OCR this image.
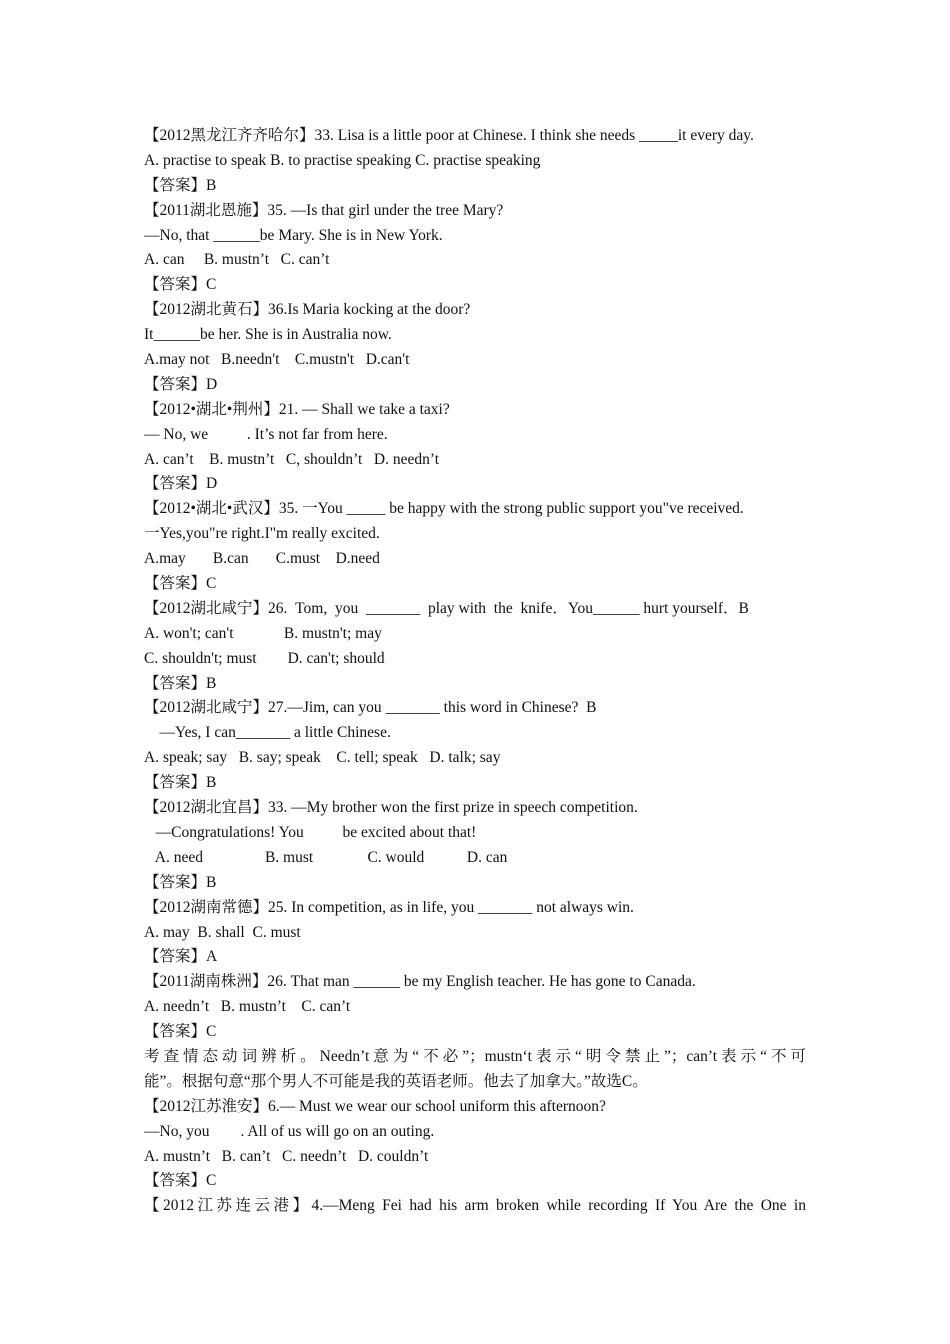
【2012黑龙江齐齐哈尔】33. Lisa is a little poor at Chinese. I think she needs _____it every day.
A. practise to speak B. to practise speaking C. practise speaking
【答案】B
【2011湖北恩施】35. —Is that girl under the tree Mary?
—No, that ______be Mary. She is in New York.
A. can     B. mustn’t   C. can’t
【答案】C
【2012湖北黄石】36.Is Maria kocking at the door?
It______be her. She is in Australia now.
A.may not   B.needn't    C.mustn't   D.can't
【答案】D
【2012•湖北•荆州】21. — Shall we take a taxi?
— No, we          . It’s not far from here.
A. can’t    B. mustn’t   C, shouldn’t   D. needn’t
【答案】D
【2012•湖北•武汉】35. 一You _____ be happy with the strong public support you"ve received.
一Yes,you"re right.I"m really excited.
A.may       B.can       C.must    D.need
【答案】C
【2012湖北咸宁】26.  Tom,  you  _______  play with  the  knife．You______ hurt yourself．B
A. won't; can't             B. mustn't; may
C. shouldn't; must        D. can't; should
【答案】B
【2012湖北咸宁】27.—Jim, can you _______ this word in Chinese?  B
—Yes, I can_______ a little Chinese.
A. speak; say   B. say; speak    C. tell; speak   D. talk; say
【答案】B
【2012湖北宜昌】33. —My brother won the first prize in speech competition.
—Congratulations! You          be excited about that!
A. need                B. must              C. would           D. can
【答案】B
【2012湖南常德】25. In competition, as in life, you _______ not always win.
A. may  B. shall  C. must
【答案】A
【2011湖南株洲】26. That man ______ be my English teacher. He has gone to Canada.
A. needn’t   B. mustn’t    C. can’t
【答案】C
考查情态动词辨析。Needn’t意为“不必”；mustn‘t表示“明令禁止”；can’t表示“不可
能”。根据句意“那个男人不可能是我的英语老师。他去了加拿大。”故选C。
【2012江苏淮安】6.— Must we wear our school uniform this afternoon?
—No, you        . All of us will go on an outing.
A. mustn’t   B. can’t   C. needn’t   D. couldn’t
【答案】C
【2012江苏连云港】4.—Meng Fei had his arm broken while recording If You Are the One in
